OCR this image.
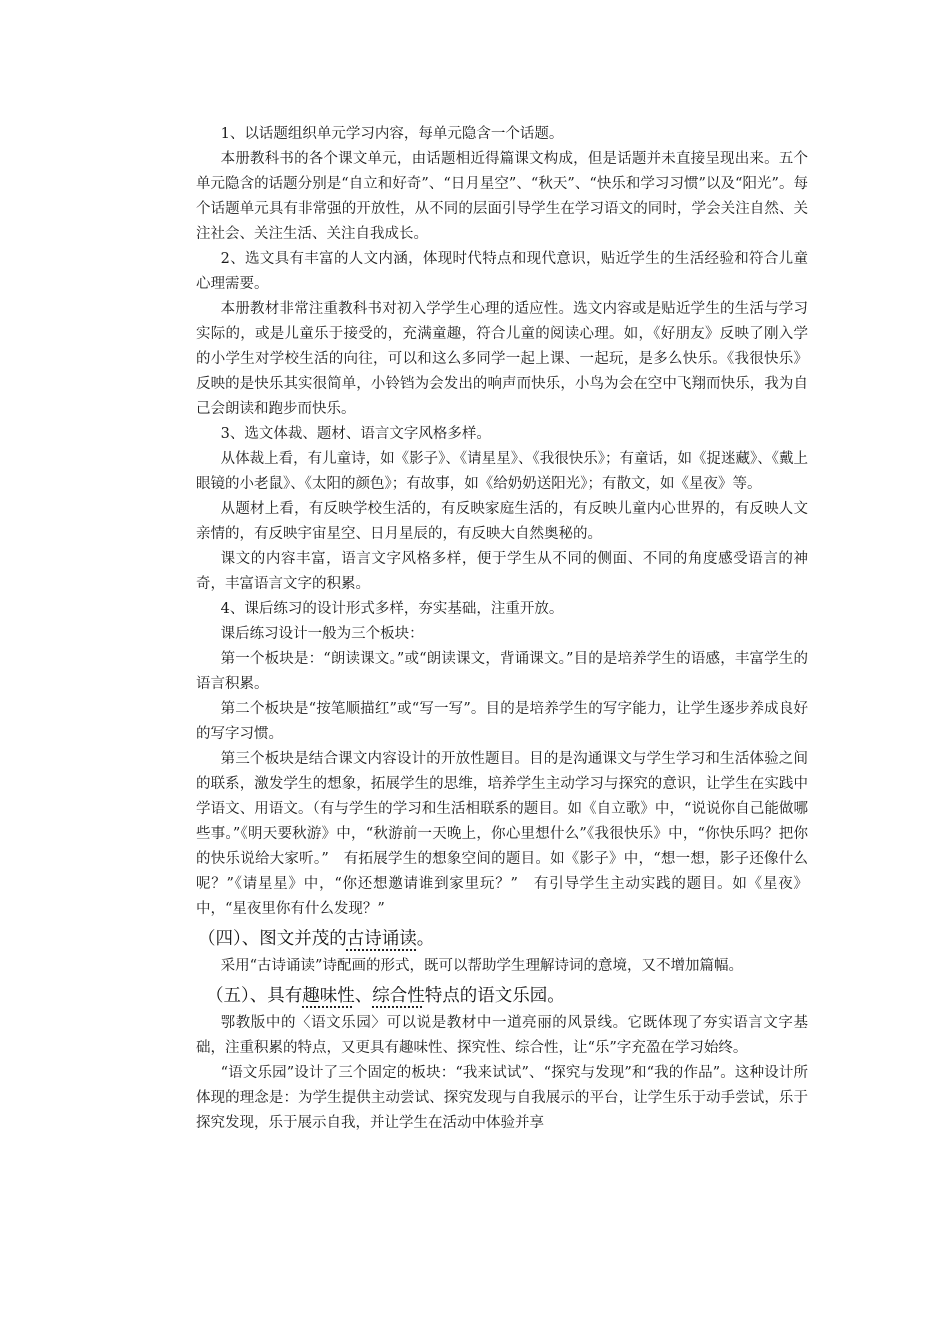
1、以话题组织单元学习内容，每单元隐含一个话题。

本册教科书的各个课文单元，由话题相近得篇课文构成，但是话题并未直接呈现出来。五个单元隐含的话题分别是“自立和好奇”、“日月星空”、“秋天”、“快乐和学习习惯”以及“阳光”。每个话题单元具有非常强的开放性，从不同的层面引导学生在学习语文的同时，学会关注自然、关注社会、关注生活、关注自我成长。

2、选文具有丰富的人文内涵，体现时代特点和现代意识，贴近学生的生活经验和符合儿童心理需要。

本册教材非常注重教科书对初入学学生心理的适应性。选文内容或是贴近学生的生活与学习实际的，或是儿童乐于接受的，充满童趣，符合儿童的阅读心理。如，《好朋友》反映了刚入学的小学生对学校生活的向往，可以和这么多同学一起上课、一起玩，是多么快乐。《我很快乐》反映的是快乐其实很简单，小铃铛为会发出的响声而快乐，小鸟为会在空中飞翔而快乐，我为自己会朗读和跑步而快乐。

3、选文体裁、题材、语言文字风格多样。

从体裁上看，有儿童诗，如《影子》、《请星星》、《我很快乐》；有童话，如《捉迷藏》、《戴上眼镜的小老鼠》、《太阳的颜色》；有故事，如《给奶奶送阳光》；有散文，如《星夜》等。

从题材上看，有反映学校生活的，有反映家庭生活的，有反映儿童内心世界的，有反映人文亲情的，有反映宇宙星空、日月星辰的，有反映大自然奥秘的。

课文的内容丰富，语言文字风格多样，便于学生从不同的侧面、不同的角度感受语言的神奇，丰富语言文字的积累。

4、课后练习的设计形式多样，夯实基础，注重开放。

课后练习设计一般为三个板块：

第一个板块是：“朗读课文。”或“朗读课文，背诵课文。”目的是培养学生的语感，丰富学生的语言积累。

第二个板块是“按笔顺描红”或“写一写”。目的是培养学生的写字能力，让学生逐步养成良好的写字习惯。

第三个板块是结合课文内容设计的开放性题目。目的是沟通课文与学生学习和生活体验之间的联系，激发学生的想象，拓展学生的思维，培养学生主动学习与探究的意识，让学生在实践中学语文、用语文。（有与学生的学习和生活相联系的题目。如《自立歌》中，“说说你自己能做哪些事。”《明天要秋游》中，“秋游前一天晚上，你心里想什么”《我很快乐》中，“你快乐吗？把你的快乐说给大家听。”　有拓展学生的想象空间的题目。如《影子》中，“想一想，影子还像什么呢？”《请星星》中，“你还想邀请谁到家里玩？”　有引导学生主动实践的题目。如《星夜》中，“星夜里你有什么发现？”

（四）、图文并茂的古诗诵读。

采用“古诗诵读”诗配画的形式，既可以帮助学生理解诗词的意境，又不增加篇幅。

（五）、具有趣味性、综合性特点的语文乐园。

鄂教版中的〈语文乐园〉可以说是教材中一道亮丽的风景线。它既体现了夯实语言文字基础，注重积累的特点，又更具有趣味性、探究性、综合性，让“乐”字充盈在学习始终。

“语文乐园”设计了三个固定的板块：“我来试试”、“探究与发现”和“我的作品”。这种设计所体现的理念是：为学生提供主动尝试、探究发现与自我展示的平台，让学生乐于动手尝试，乐于探究发现，乐于展示自我，并让学生在活动中体验并享
